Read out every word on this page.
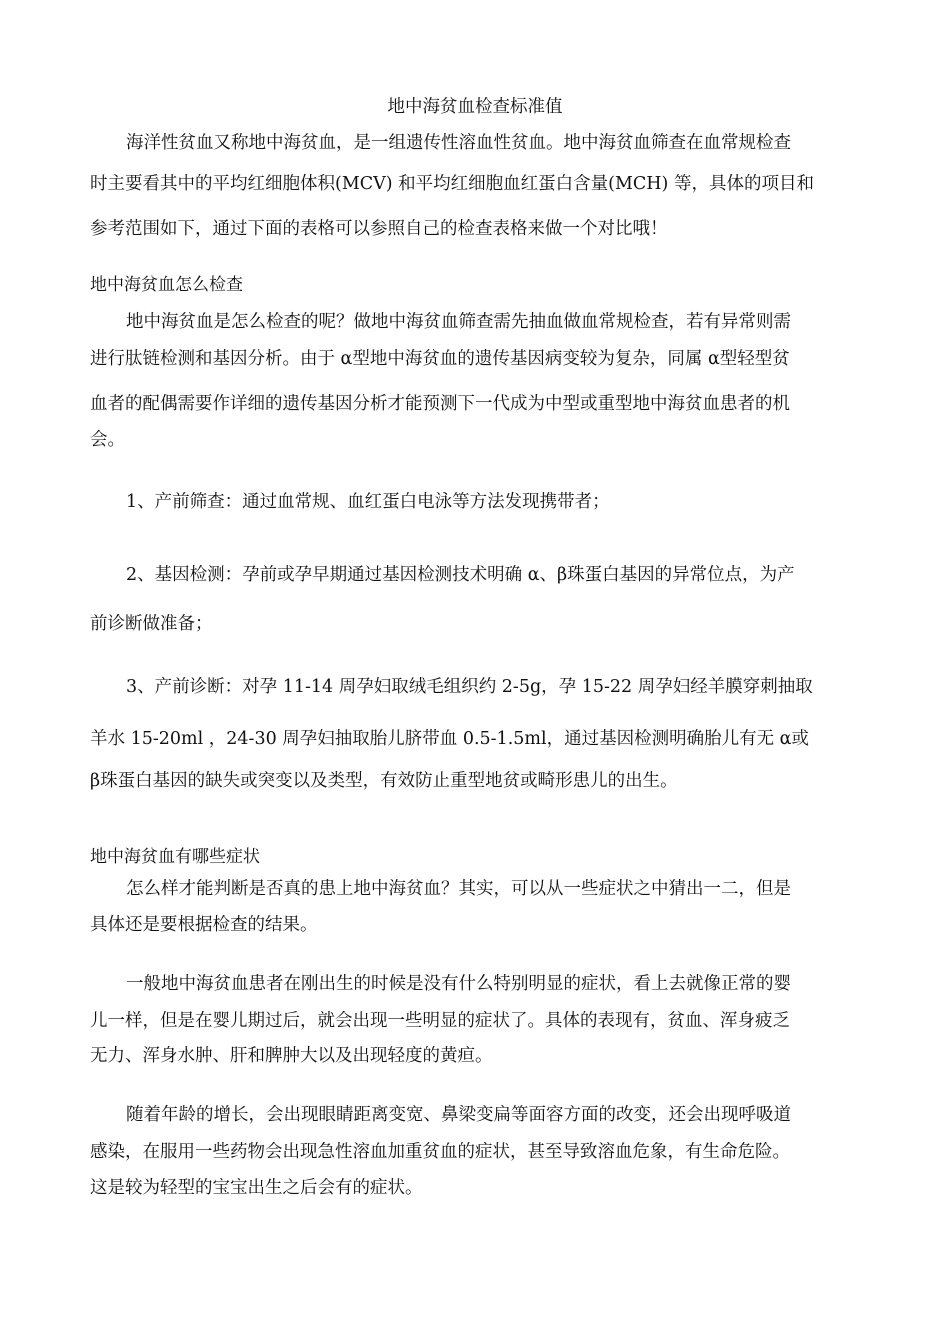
地中海贫血检查标准值
海洋性贫血又称地中海贫血，是一组遗传性溶血性贫血。地中海贫血筛查在血常规检查
时主要看其中的平均红细胞体积(MCV) 和平均红细胞血红蛋白含量(MCH) 等，具体的项目和
参考范围如下，通过下面的表格可以参照自己的检查表格来做一个对比哦！
地中海贫血怎么检查
地中海贫血是怎么检查的呢？做地中海贫血筛查需先抽血做血常规检查，若有异常则需
进行肽链检测和基因分析。由于 α型地中海贫血的遗传基因病变较为复杂，同属 α型轻型贫
血者的配偶需要作详细的遗传基因分析才能预测下一代成为中型或重型地中海贫血患者的机
会。
1、产前筛查：通过血常规、血红蛋白电泳等方法发现携带者；
2、基因检测：孕前或孕早期通过基因检测技术明确 α、β珠蛋白基因的异常位点，为产
前诊断做准备；
3、产前诊断：对孕 11-14 周孕妇取绒毛组织约 2-5g，孕 15-22 周孕妇经羊膜穿刺抽取
羊水 15-20ml ，24-30 周孕妇抽取胎儿脐带血 0.5-1.5ml，通过基因检测明确胎儿有无 α或
β珠蛋白基因的缺失或突变以及类型，有效防止重型地贫或畸形患儿的出生。
地中海贫血有哪些症状
怎么样才能判断是否真的患上地中海贫血？其实，可以从一些症状之中猜出一二，但是
具体还是要根据检查的结果。
一般地中海贫血患者在刚出生的时候是没有什么特别明显的症状，看上去就像正常的婴
儿一样，但是在婴儿期过后，就会出现一些明显的症状了。具体的表现有，贫血、浑身疲乏
无力、浑身水肿、肝和脾肿大以及出现轻度的黄疸。
随着年龄的增长，会出现眼睛距离变宽、鼻梁变扁等面容方面的改变，还会出现呼吸道
感染，在服用一些药物会出现急性溶血加重贫血的症状，甚至导致溶血危象，有生命危险。
这是较为轻型的宝宝出生之后会有的症状。
